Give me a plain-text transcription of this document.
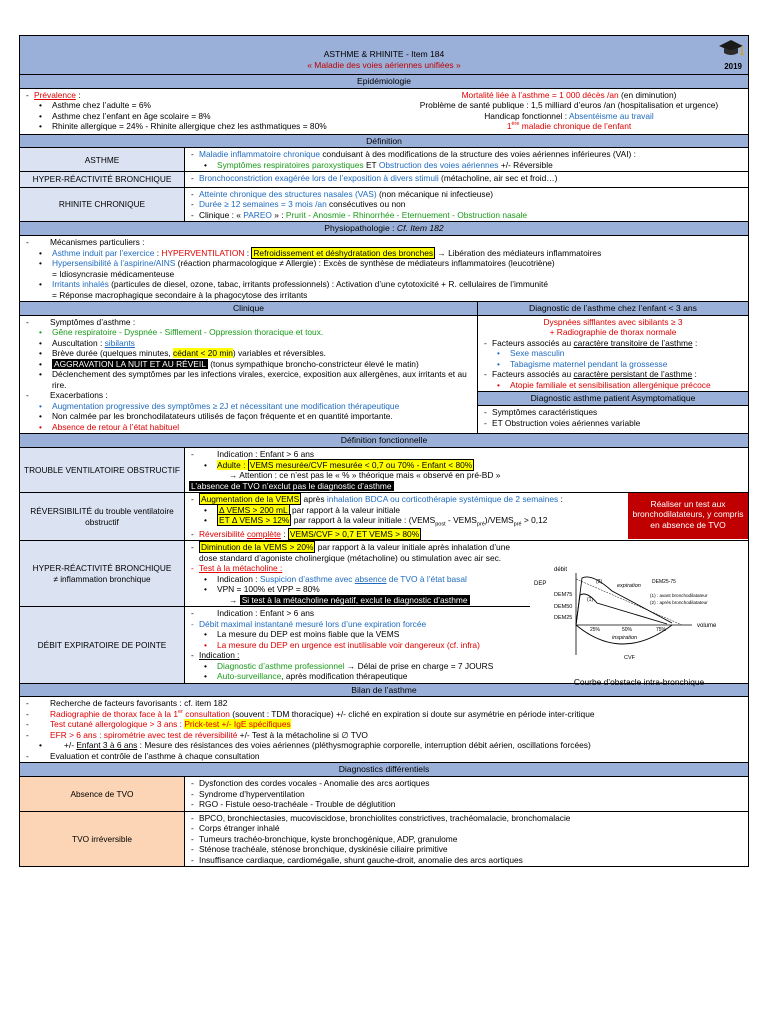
ASTHME & RHINITE - Item 184
« Maladie des voies aériennes unifiées »	2019
Epidémiologie
- Prévalence :
• Asthme chez l’adulte = 6%
• Asthme chez l’enfant en âge scolaire = 8%
• Rhinite allergique = 24% - Rhinite allergique chez les asthmatiques = 80%
Mortalité liée à l’asthme = 1 000 décès /an (en diminution)
Problème de santé publique : 1,5 milliard d’euros /an (hospitalisation et urgence)
Handicap fonctionnel : Absentéisme au travail
1ère maladie chronique de l’enfant
Définition
ASTHME
- Maladie inflammatoire chronique conduisant à des modifications de la structure des voies aériennes inférieures (VAI) :
• Symptômes respiratoires paroxystiques ET Obstruction des voies aériennes +/- Réversible
HYPER-RÉACTIVITÉ BRONCHIQUE
-	Bronchoconstriction exagérée lors de l’exposition à divers stimuli (métacholine, air sec et froid…)
RHINITE CHRONIQUE
- Atteinte chronique des structures nasales (VAS) (non mécanique ni infectieuse)
- Durée ≥ 12 semaines = 3 mois /an consécutives ou non
- Clinique : « PAREO » : Prurit - Anosmie - Rhinorrhée - Eternuement - Obstruction nasale
Physiopathologie : Cf. Item 182
- Mécanismes particuliers :
• Asthme induit par l’exercice : HYPERVENTILATION : Refroidissement et déshydratation des bronches → Libération des médiateurs inflammatoires
• Hypersensibilité à l’aspirine/AINS (réaction pharmacologique ≠ Allergie) : Excès de synthèse de médiateurs inflammatoires (leucotriène)
= Idiosyncrasie médicamenteuse
• Irritants inhalés (particules de diesel, ozone, tabac, irritants professionnels) : Activation d’une cytotoxicité + R. cellulaires de l’immunité
= Réponse macrophagique secondaire à la phagocytose des irritants
Clinique
- Symptômes d’asthme :
• Gêne respiratoire - Dyspnée - Sifflement - Oppression thoracique et toux.
• Auscultation : sibilants
• Brève durée (quelques minutes, cédant < 20 min) variables et réversibles.
• AGGRAVATION LA NUIT ET AU RÉVEIL (tonus sympathique broncho-constricteur élevé le matin)
• Déclenchement des symptômes par les infections virales, exercice, exposition aux allergènes, aux irritants et au rire.
- Exacerbations :
• Augmentation progressive des symptômes ≥ 2J et nécessitant une modification thérapeutique
• Non calmée par les bronchodilatateurs utilisés de façon fréquente et en quantité importante.
• Absence de retour à l’état habituel
Diagnostic de l’asthme chez l’enfant < 3 ans
Dyspnées sifflantes avec sibilants ≥ 3
+ Radiographie de thorax normale
- Facteurs associés au caractère transitoire de l’asthme :
• Sexe masculin
• Tabagisme maternel pendant la grossesse
- Facteurs associés au caractère persistant de l’asthme :
• Atopie familiale et sensibilisation allergénique précoce
Diagnostic asthme patient Asymptomatique
- Symptômes caractéristiques
- ET Obstruction voies aériennes variable
Définition fonctionnelle
TROUBLE VENTILATOIRE OBSTRUCTIF
- Indication : Enfant > 6 ans
• Adulte : VEMS mesurée/CVF mesurée < 0,7 ou 70% - Enfant < 80%
→ Attention : ce n’est pas le « % » théorique mais « observé en pré-BD »
L’absence de TVO n’exclut pas le diagnostic d’asthme
RÉVERSIBILITÉ du trouble ventilatoire obstructif
- Augmentation de la VEMS après inhalation BDCA ou corticothérapie systémique de 2 semaines :
• Δ VEMS > 200 mL par rapport à la valeur initiale
• ET Δ VEMS > 12% par rapport à la valeur initiale : ($VEMS_{post}$ - $VEMS_{pré})/VEMS_{pré} > 0,12$
- Réversibilité complète : VEMS/CVF > 0,7 ET VEMS > 80%
Réaliser un test aux bronchodilatateurs, y compris en absence de TVO
HYPER-RÉACTIVITÉ BRONCHIQUE
≠ inflammation bronchique
- Diminution de la VEMS > 20% par rapport à la valeur initiale après inhalation d’une dose standard d’agoniste cholinergique (métacholine) ou stimulation avec air sec.
- Test à la métacholine :
• Indication : Suspicion d’asthme avec absence de TVO à l’état basal
• VPN = 100% et VPP = 80%
→ Si test à la métacholine négatif, exclut le diagnostic d’asthme
DÉBIT EXPIRATOIRE DE POINTE
- Indication : Enfant > 6 ans
- Débit maximal instantané mesuré lors d’une expiration forcée
• La mesure du DEP est moins fiable que la VEMS
• La mesure du DEP en urgence est inutilisable voir dangereux (cf. infra)
- Indication :
• Diagnostic d’asthme professionnel → Délai de prise en charge = 7 JOURS
• Auto-surveillance, après modification thérapeutique
débit
DEP
DEM75
DEM50
DEM25
DEM25-75
expiration
inspiration
volume
CVF
25%	50%	75%
(1)
(2)
(1) : avant bronchodilatateur
(2) : après bronchodilatateur
Courbe d’obstacle intra-bronchique
Bilan de l’asthme
- Recherche de facteurs favorisants : cf. item 182
- Radiographie de thorax face à la 1er consultation (souvent : TDM thoracique) +/- cliché en expiration si doute sur asymétrie en période inter-critique
- Test cutané allergologique > 3 ans : Prick-test +/- IgE spécifiques
- EFR > 6 ans : spirométrie avec test de réversibilité +/- Test à la métacholine si ∅ TVO
• +/- Enfant 3 à 6 ans : Mesure des résistances des voies aériennes (pléthysmographie corporelle, interruption débit aérien, oscillations forcées)
- Evaluation et contrôle de l’asthme à chaque consultation
Diagnostics différentiels
Absence de TVO
- Dysfonction des cordes vocales - Anomalie des arcs aortiques
- Syndrome d’hyperventilation
- RGO - Fistule oeso-trachéale - Trouble de déglutition
TVO irréversible
- BPCO, bronchiectasies, mucoviscidose, bronchiolites constrictives, trachéomalacie, bronchomalacie
- Corps étranger inhalé
- Tumeurs trachéo-bronchique, kyste bronchogénique, ADP, granulome
- Sténose trachéale, sténose bronchique, dyskinésie ciliaire primitive
- Insuffisance cardiaque, cardiomégalie, shunt gauche-droit, anomalie des arcs aortiques
